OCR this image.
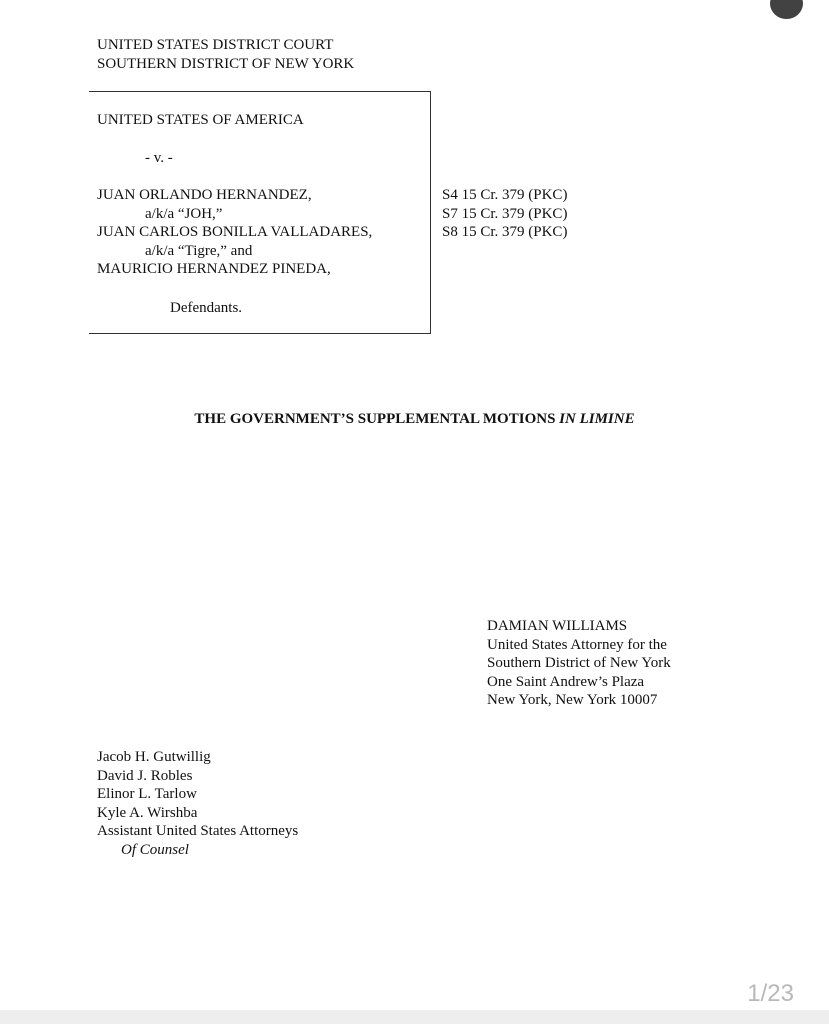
UNITED STATES DISTRICT COURT
SOUTHERN DISTRICT OF NEW YORK
UNITED STATES OF AMERICA
- v. -
JUAN ORLANDO HERNANDEZ,
a/k/a “JOH,”
JUAN CARLOS BONILLA VALLADARES,
a/k/a “Tigre,” and
MAURICIO HERNANDEZ PINEDA,
Defendants.
S4 15 Cr. 379 (PKC)
S7 15 Cr. 379 (PKC)
S8 15 Cr. 379 (PKC)
THE GOVERNMENT’S SUPPLEMENTAL MOTIONS IN LIMINE
DAMIAN WILLIAMS
United States Attorney for the
Southern District of New York
One Saint Andrew’s Plaza
New York, New York 10007
Jacob H. Gutwillig
David J. Robles
Elinor L. Tarlow
Kyle A. Wirshba
Assistant United States Attorneys
Of Counsel
1/23
